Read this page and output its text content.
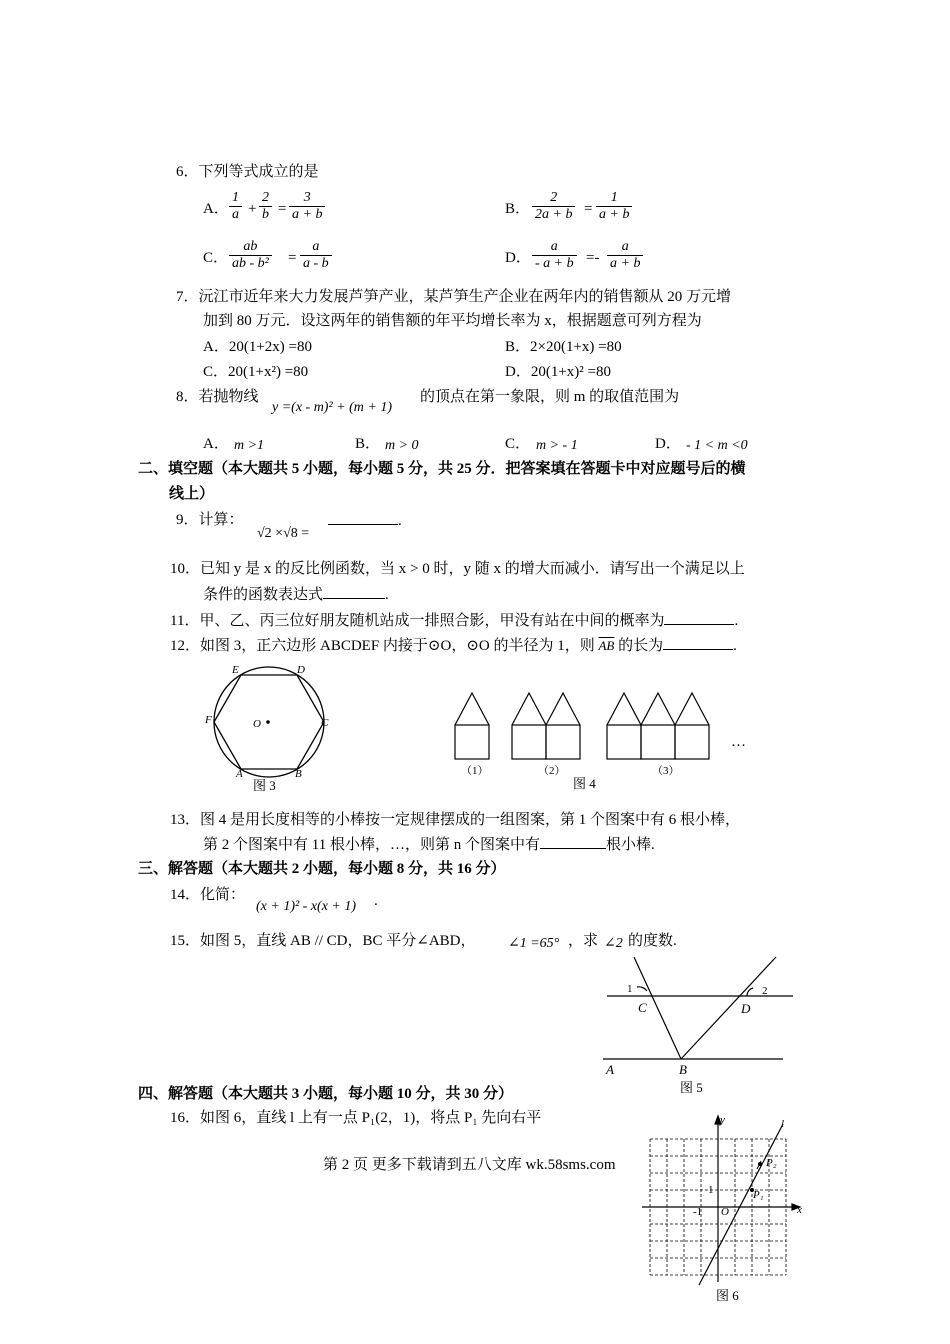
6．下列等式成立的是
A． $\frac{1}{a} + \frac{2}{b} = \frac{3}{a + b}$	B． $\frac{2}{2a + b} = \frac{1}{a + b}$
C． $\frac{ab}{\text{ab - b²}} = \frac{a}{a - b}$	D． $\frac{a}{- a + b} =- \frac{a}{a + b}$
7．沅江市近年来大力发展芦笋产业，某芦笋生产企业在两年内的销售额从 20 万元增
加到 80 万元．设这两年的销售额的年平均增长率为 x，根据题意可列方程为
A．20(1+2x) =80	B．2×20(1+x) =80
C．20(1+x²) =80	D．20(1+x)² =80
8．若抛物线
y =(x - m)² + (m + 1)
的顶点在第一象限，则 m 的取值范围为
A． m >1	B． m > 0	C． m > - 1	D． - 1 < m <0
二、填空题（本大题共 5 小题，每小题 5 分，共 25 分．把答案填在答题卡中对应题号后的横
线上）
9．计算：
√2 ×√8 =
.
10．已知 y 是 x 的反比例函数，当 x > 0 时，y 随 x 的增大而减小．请写出一个满足以上
条件的函数表达式	.
11．甲、乙、丙三位好朋友随机站成一排照合影，甲没有站在中间的概率为	.
12．如图 3，正六边形 ABCDEF 内接于⊙O，⊙O 的半径为 1，则 $\overline{AB}$ 的长为	.
E	D
F	C
O
A	B
图 3
（1）	（2）	（3）
…
图 4
13．图 4 是用长度相等的小棒按一定规律摆成的一组图案，第 1 个图案中有 6 根小棒，
第 2 个图案中有 11 根小棒，…，则第 n 个图案中有	根小棒.
三、解答题（本大题共 2 小题，每小题 8 分，共 16 分）
14．化简：
(x + 1)² - x(x + 1) .
15．如图 5，直线 AB // CD，BC 平分∠ABD， ∠1 =65° ，求 ∠2 的度数.
1	2
C	D
A	B
图 5
四、解答题（本大题共 3 小题，每小题 10 分，共 30 分）
16．如图 6，直线 l 上有一点 P₁(2，1)，将点 P₁ 先向右平
第 2 页 更多下载请到五八文库 wk.58sms.com
y	l
P₂
1	P₁
-1 O	x
图 6
